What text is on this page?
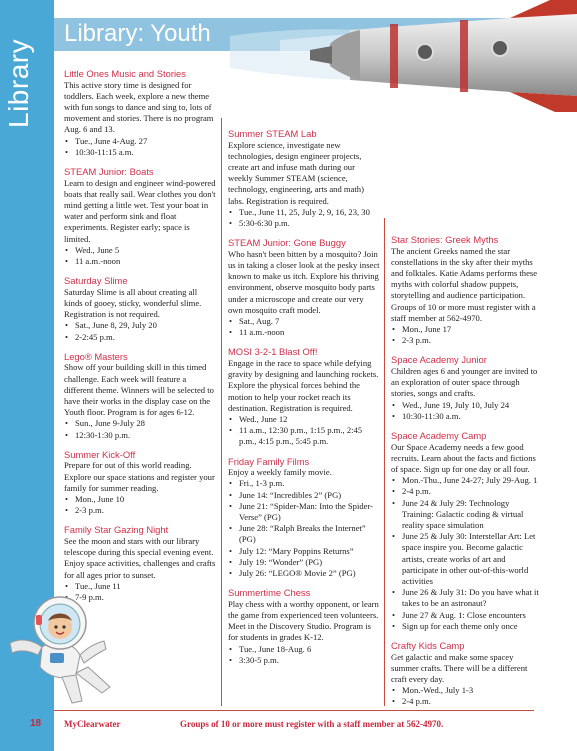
Library
Library: Youth
Little Ones Music and Stories

This active story time is designed for toddlers. Each week, explore a new theme with fun songs to dance and sing to, lots of movement and stories. There is no program Aug. 6 and 13.

• Tue., June 4-Aug. 27
• 10:30-11:15 a.m.
STEAM Junior: Boats

Learn to design and engineer wind-powered boats that really sail. Wear clothes you don't mind getting a little wet. Test your boat in water and perform sink and float experiments. Register early; space is limited.

• Wed., June 5
• 11 a.m.-noon
Saturday Slime

Saturday Slime is all about creating all kinds of gooey, sticky, wonderful slime. Registration is not required.

• Sat., June 8, 29, July 20
• 2-2:45 p.m.
Lego® Masters

Show off your building skill in this timed challenge. Each week will feature a different theme. Winners will be selected to have their works in the display case on the Youth floor. Program is for ages 6-12.

• Sun., June 9-July 28
• 12:30-1:30 p.m.
Summer Kick-Off

Prepare for out of this world reading. Explore our space stations and register your family for summer reading.

• Mon., June 10
• 2-3 p.m.
Family Star Gazing Night

See the moon and stars with our library telescope during this special evening event. Enjoy space activities, challenges and crafts for all ages prior to sunset.

• Tue., June 11
• 7-9 p.m.
Summer STEAM Lab

Explore science, investigate new technologies, design engineer projects, create art and infuse math during our weekly Summer STEAM (science, technology, engineering, arts and math) labs. Registration is required.

• Tue., June 11, 25, July 2, 9, 16, 23, 30
• 5:30-6:30 p.m.
STEAM Junior: Gone Buggy

Who hasn't been bitten by a mosquito? Join us in taking a closer look at the pesky insect known to make us itch. Explore his thriving environment, observe mosquito body parts under a microscope and create our very own mosquito craft model.

• Sat., Aug. 7
• 11 a.m.-noon
MOSI 3-2-1 Blast Off!

Engage in the race to space while defying gravity by designing and launching rockets. Explore the physical forces behind the motion to help your rocket reach its destination. Registration is required.

• Wed., June 12
• 11 a.m., 12:30 p.m., 1:15 p.m., 2:45 p.m., 4:15 p.m., 5:45 p.m.
Friday Family Films

Enjoy a weekly family movie.

• Fri., 1-3 p.m.
• June 14: “Incredibles 2” (PG)
• June 21: “Spider-Man: Into the Spider-Verse” (PG)
• June 28: “Ralph Breaks the Internet” (PG)
• July 12: “Mary Poppins Returns”
• July 19: “Wonder” (PG)
• July 26: “LEGO® Movie 2” (PG)
Summertime Chess

Play chess with a worthy opponent, or learn the game from experienced teen volunteers. Meet in the Discovery Studio. Program is for students in grades K-12.

• Tue., June 18-Aug. 6
• 3:30-5 p.m.
Star Stories: Greek Myths

The ancient Greeks named the star constellations in the sky after their myths and folktales. Katie Adams performs these myths with colorful shadow puppets, storytelling and audience participation. Groups of 10 or more must register with a staff member at 562-4970.

• Mon., June 17
• 2-3 p.m.
Space Academy Junior

Children ages 6 and younger are invited to an exploration of outer space through stories, songs and crafts.

• Wed., June 19, July 10, July 24
• 10:30-11:30 a.m.
Space Academy Camp

Our Space Academy needs a few good recruits. Learn about the facts and fictions of space. Sign up for one day or all four.

• Mon.-Thu., June 24-27; July 29-Aug. 1
• 2-4 p.m.
• June 24 & July 29: Technology Training: Galactic coding & virtual reality space simulation
• June 25 & July 30: Interstellar Art: Let space inspire you. Become galactic artists, create works of art and participate in other out-of-this-world activities
• June 26 & July 31: Do you have what it takes to be an astronaut?
• June 27 & Aug. 1: Close encounters
• Sign up for each theme only once
Crafty Kids Camp

Get galactic and make some spacey summer crafts. There will be a different craft every day.

• Mon.-Wed., July 1-3
• 2-4 p.m.
18	MyClearwater	Groups of 10 or more must register with a staff member at 562-4970.
